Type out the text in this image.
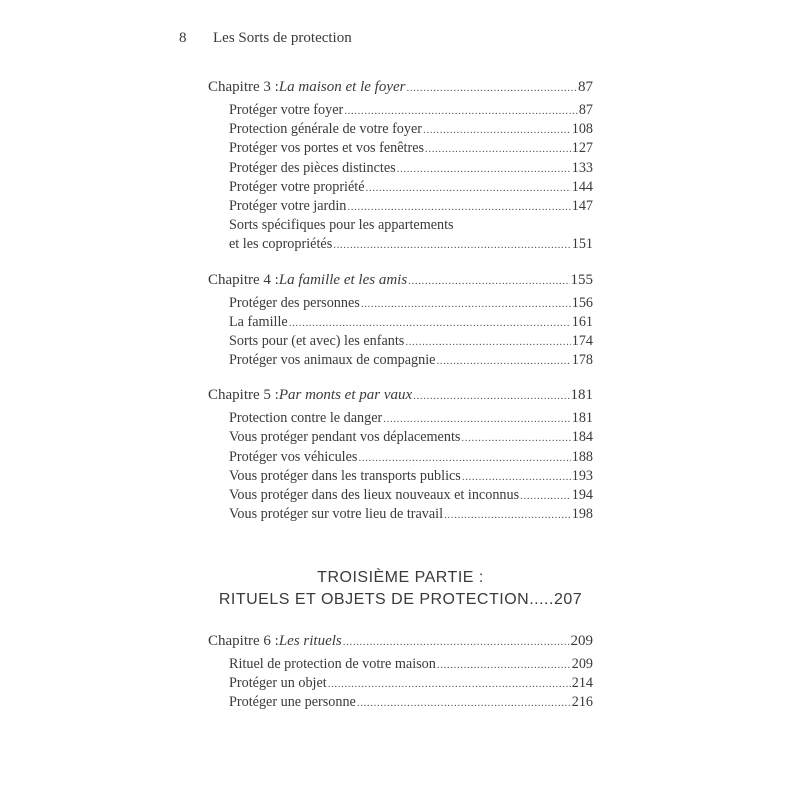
8 Les Sorts de protection
Chapitre 3 : La maison et le foyer .....	87
Protéger votre foyer .....	87
Protection générale de votre foyer .....	108
Protéger vos portes et vos fenêtres .....	127
Protéger des pièces distinctes .....	133
Protéger votre propriété .....	144
Protéger votre jardin .....	147
Sorts spécifiques pour les appartements
et les copropriétés .....	151
Chapitre 4 : La famille et les amis .....	155
Protéger des personnes .....	156
La famille .....	161
Sorts pour (et avec) les enfants .....	174
Protéger vos animaux de compagnie .....	178
Chapitre 5 : Par monts et par vaux .....	181
Protection contre le danger .....	181
Vous protéger pendant vos déplacements .....	184
Protéger vos véhicules .....	188
Vous protéger dans les transports publics .....	193
Vous protéger dans des lieux nouveaux et inconnus .....	194
Vous protéger sur votre lieu de travail .....	198
TROISIÈME PARTIE :
RITUELS ET OBJETS DE PROTECTION.....207
Chapitre 6 : Les rituels .....	209
Rituel de protection de votre maison .....	209
Protéger un objet .....	214
Protéger une personne .....	216
